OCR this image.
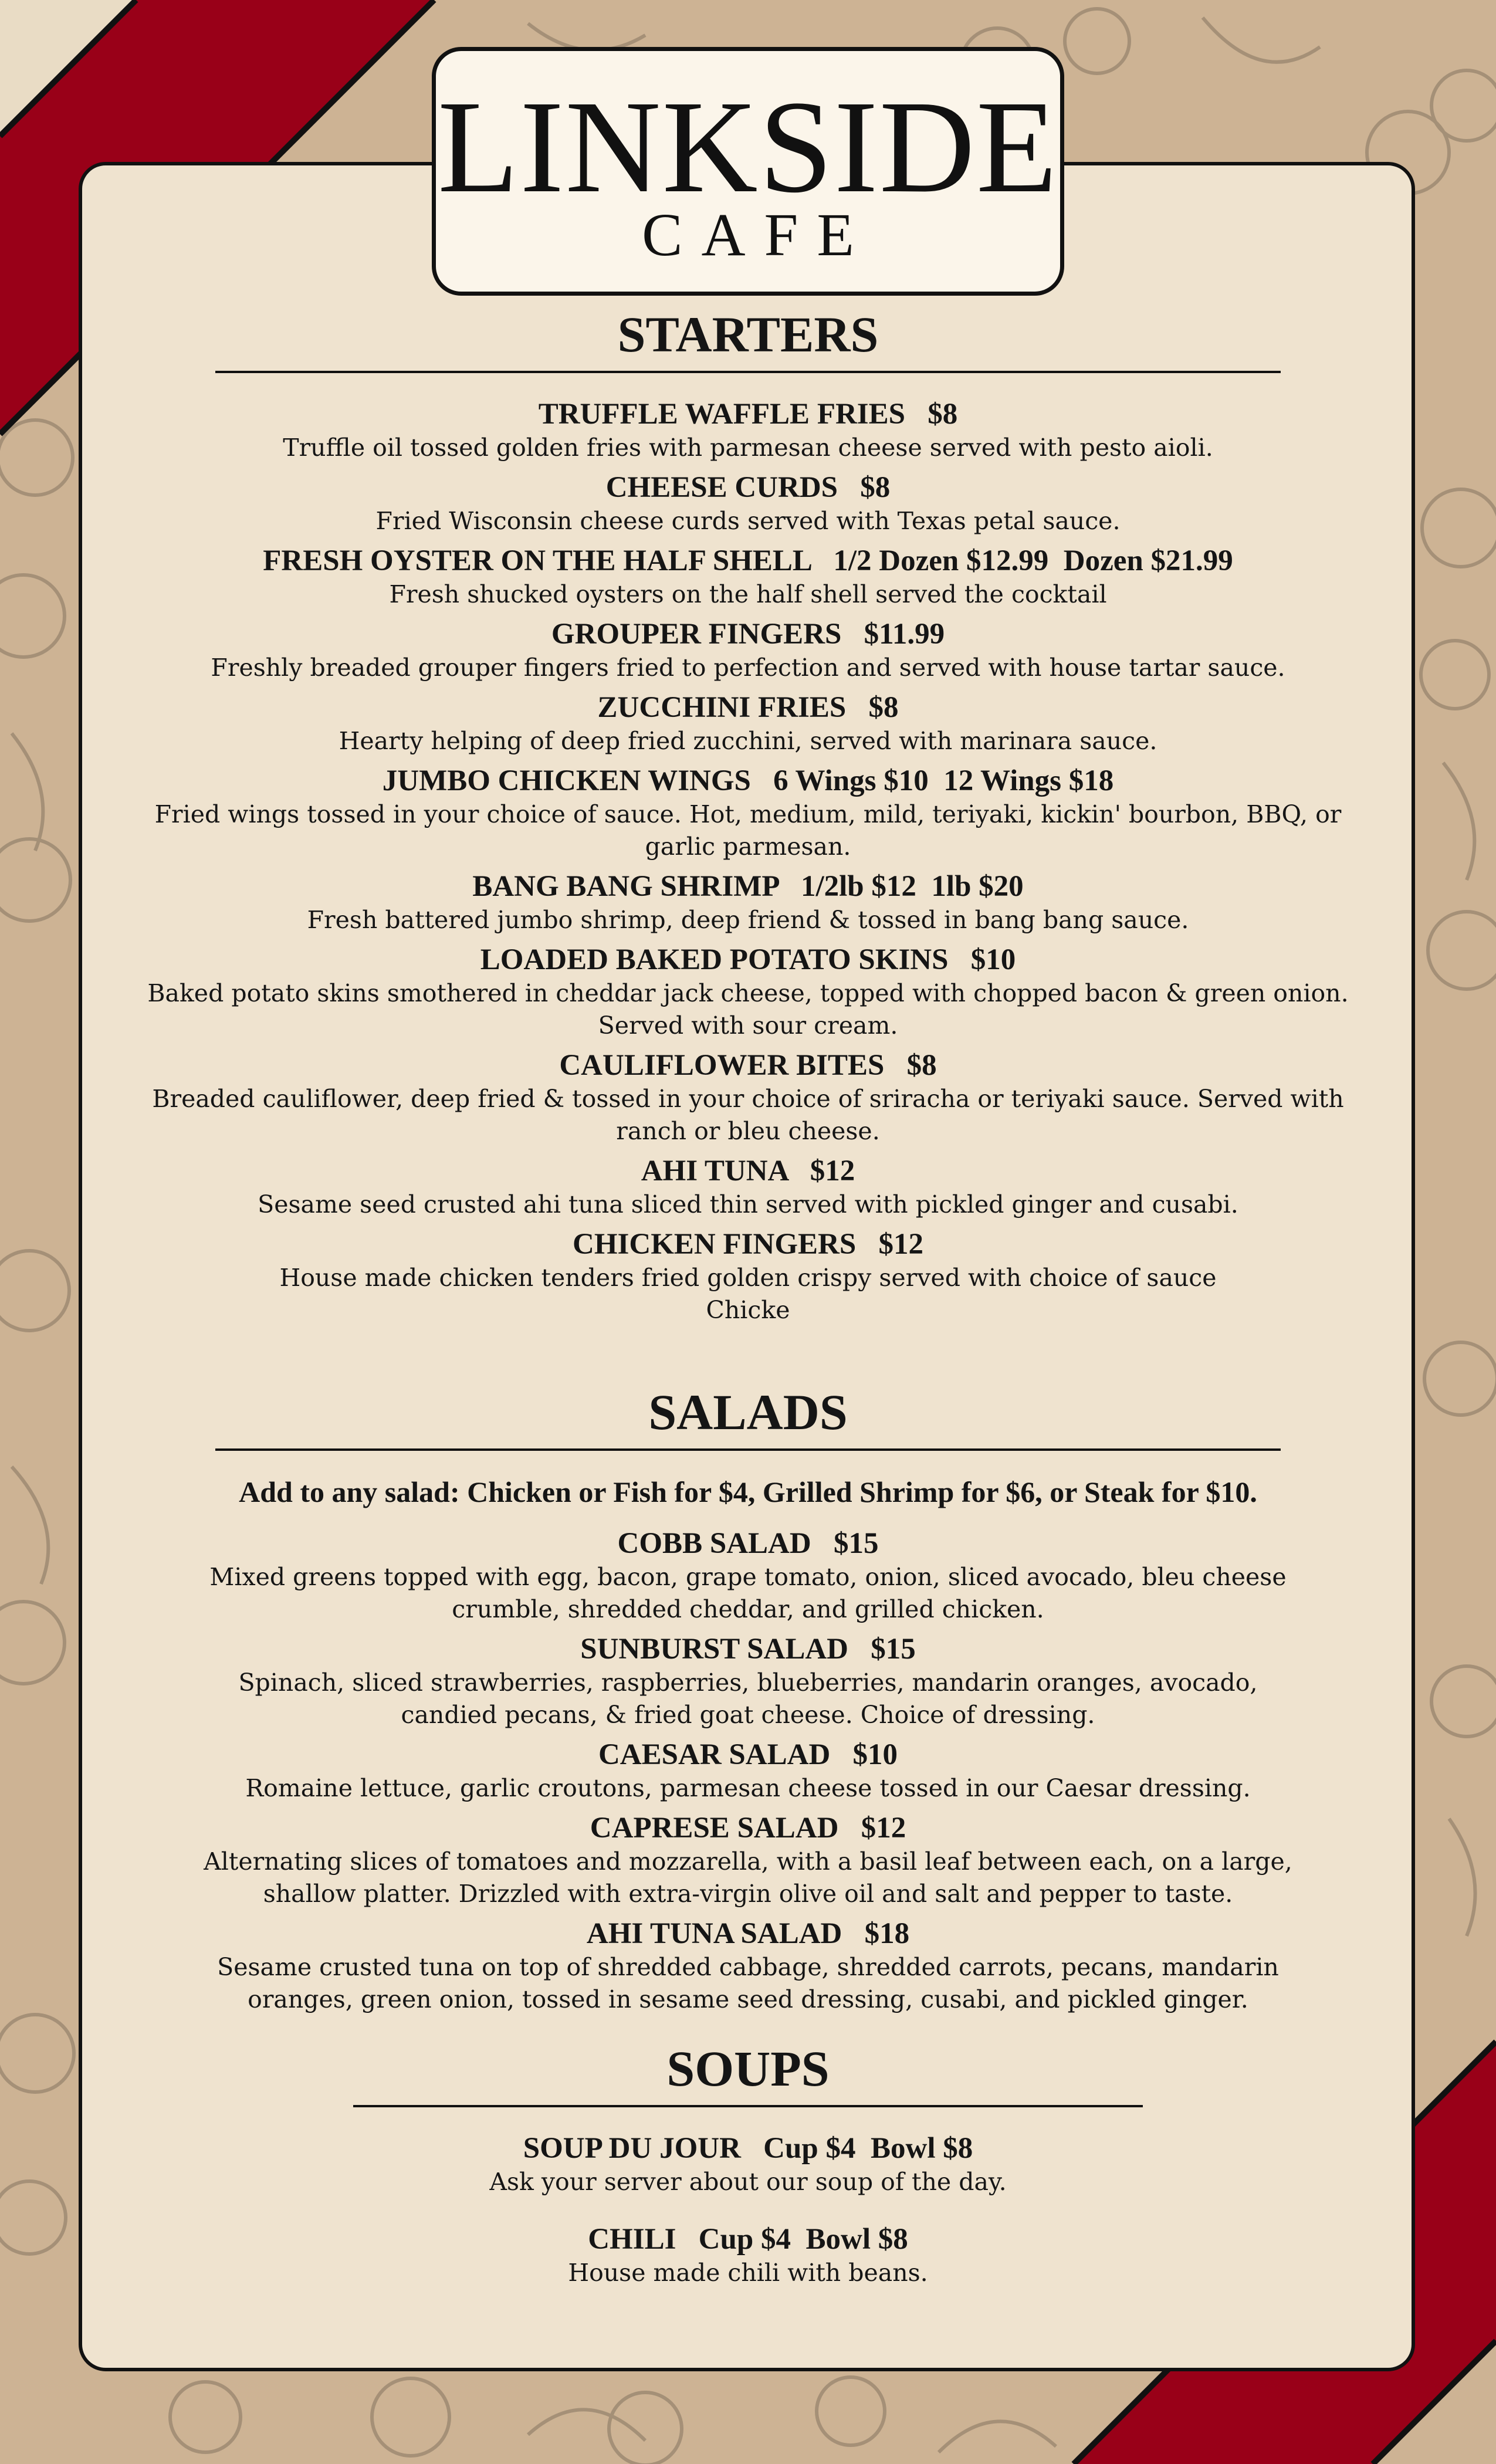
LINKSIDE
CAFE
STARTERS
TRUFFLE WAFFLE FRIES   $8
Truffle oil tossed golden fries with parmesan cheese served with pesto aioli.
CHEESE CURDS   $8
Fried Wisconsin cheese curds served with Texas petal sauce.
FRESH OYSTER ON THE HALF SHELL   1/2 Dozen $12.99  Dozen $21.99
Fresh shucked oysters on the half shell served the cocktail
GROUPER FINGERS   $11.99
Freshly breaded grouper fingers fried to perfection and served with house tartar sauce.
ZUCCHINI FRIES   $8
Hearty helping of deep fried zucchini, served with marinara sauce.
JUMBO CHICKEN WINGS   6 Wings $10  12 Wings $18
Fried wings tossed in your choice of sauce. Hot, medium, mild, teriyaki, kickin' bourbon, BBQ, or garlic parmesan.
BANG BANG SHRIMP   1/2lb $12  1lb $20
Fresh battered jumbo shrimp, deep friend & tossed in bang bang sauce.
LOADED BAKED POTATO SKINS   $10
Baked potato skins smothered in cheddar jack cheese, topped with chopped bacon & green onion. Served with sour cream.
CAULIFLOWER BITES   $8
Breaded cauliflower, deep fried & tossed in your choice of sriracha or teriyaki sauce. Served with ranch or bleu cheese.
AHI TUNA   $12
Sesame seed crusted ahi tuna sliced thin served with pickled ginger and cusabi.
CHICKEN FINGERS   $12
House made chicken tenders fried golden crispy served with choice of sauce
Chicke
SALADS
Add to any salad: Chicken or Fish for $4, Grilled Shrimp for $6, or Steak for $10.
COBB SALAD   $15
Mixed greens topped with egg, bacon, grape tomato, onion, sliced avocado, bleu cheese crumble, shredded cheddar, and grilled chicken.
SUNBURST SALAD   $15
Spinach, sliced strawberries, raspberries, blueberries, mandarin oranges, avocado, candied pecans, & fried goat cheese. Choice of dressing.
CAESAR SALAD   $10
Romaine lettuce, garlic croutons, parmesan cheese tossed in our Caesar dressing.
CAPRESE SALAD   $12
Alternating slices of tomatoes and mozzarella, with a basil leaf between each, on a large, shallow platter. Drizzled with extra-virgin olive oil and salt and pepper to taste.
AHI TUNA SALAD   $18
Sesame crusted tuna on top of shredded cabbage, shredded carrots, pecans, mandarin oranges, green onion, tossed in sesame seed dressing, cusabi, and pickled ginger.
SOUPS
SOUP DU JOUR   Cup $4  Bowl $8
Ask your server about our soup of the day.
CHILI   Cup $4  Bowl $8
House made chili with beans.
